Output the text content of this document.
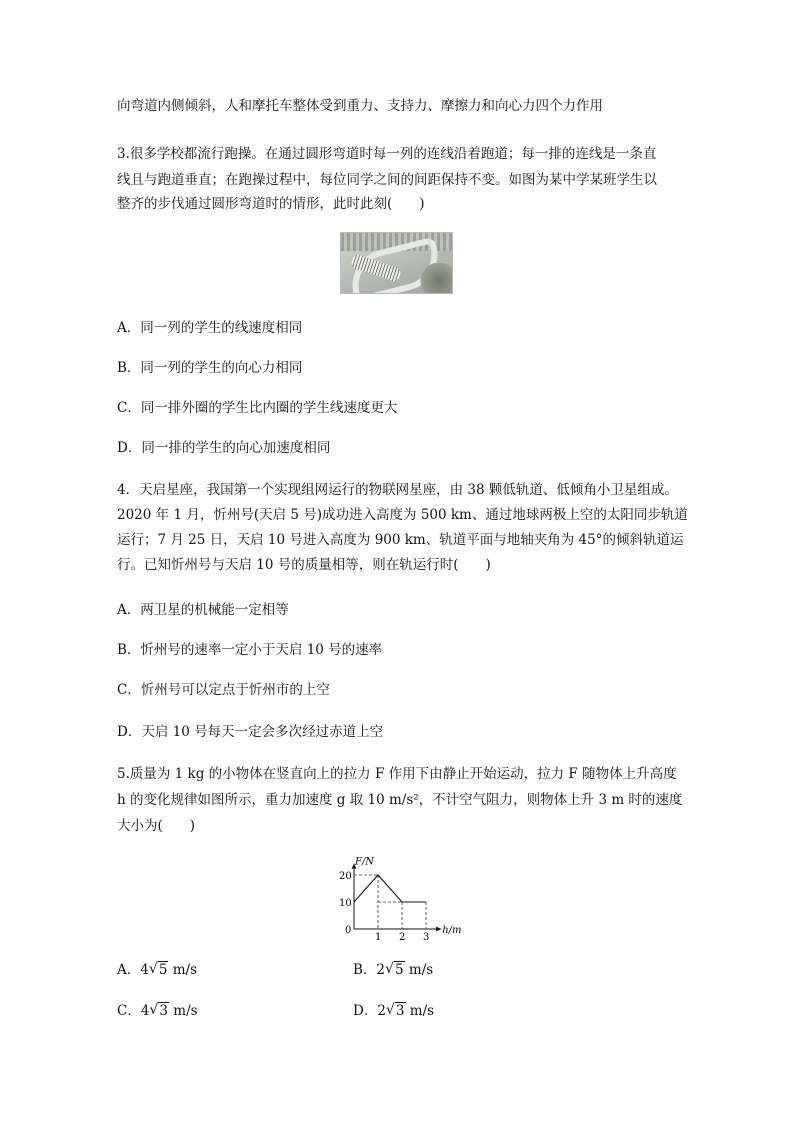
向弯道内侧倾斜，人和摩托车整体受到重力、支持力、摩擦力和向心力四个力作用
3.很多学校都流行跑操。在通过圆形弯道时每一列的连线沿着跑道；每一排的连线是一条直
线且与跑道垂直；在跑操过程中，每位同学之间的间距保持不变。如图为某中学某班学生以
整齐的步伐通过圆形弯道时的情形，此时此刻(　　)
A．同一列的学生的线速度相同
B．同一列的学生的向心力相同
C．同一排外圈的学生比内圈的学生线速度更大
D．同一排的学生的向心加速度相同
4．天启星座，我国第一个实现组网运行的物联网星座，由 38 颗低轨道、低倾角小卫星组成。
2020 年 1 月，忻州号(天启 5 号)成功进入高度为 500 km、通过地球两极上空的太阳同步轨道
运行；7 月 25 日，天启 10 号进入高度为 900 km、轨道平面与地轴夹角为 45°的倾斜轨道运
行。已知忻州号与天启 10 号的质量相等，则在轨运行时(　　)
A．两卫星的机械能一定相等
B．忻州号的速率一定小于天启 10 号的速率
C．忻州号可以定点于忻州市的上空
D．天启 10 号每天一定会多次经过赤道上空
5.质量为 1 kg 的小物体在竖直向上的拉力 F 作用下由静止开始运动，拉力 F 随物体上升高度
h 的变化规律如图所示，重力加速度 g 取 10 m/s²，不计空气阻力，则物体上升 3 m 时的速度
大小为(　　)
0
1 2 3
10
20
F/N
h/m
A．4 √ 5 m/s	B．2 √ 5 m/s
C．4 √ 3 m/s	D．2 √ 3 m/s
